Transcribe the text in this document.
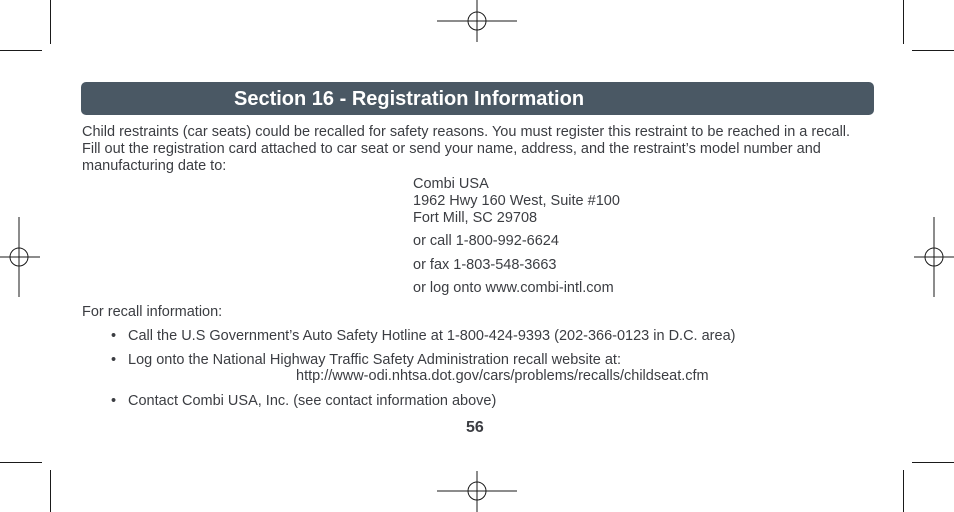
Section 16 - Registration Information

Child restraints (car seats) could be recalled for safety reasons. You must register this restraint to be reached in a recall. Fill out the registration card attached to car seat or send your name, address, and the restraint’s model number and manufacturing date to:

Combi USA
1962 Hwy 160 West, Suite #100
Fort Mill, SC 29708
or call 1-800-992-6624
or fax 1-803-548-3663
or log onto www.combi-intl.com

For recall information:

• Call the U.S Government’s Auto Safety Hotline at 1-800-424-9393 (202-366-0123 in D.C. area)
• Log onto the National Highway Traffic Safety Administration recall website at:
• Contact Combi USA, Inc. (see contact information above)
http://www-odi.nhtsa.dot.gov/cars/problems/recalls/childseat.cfm
56
